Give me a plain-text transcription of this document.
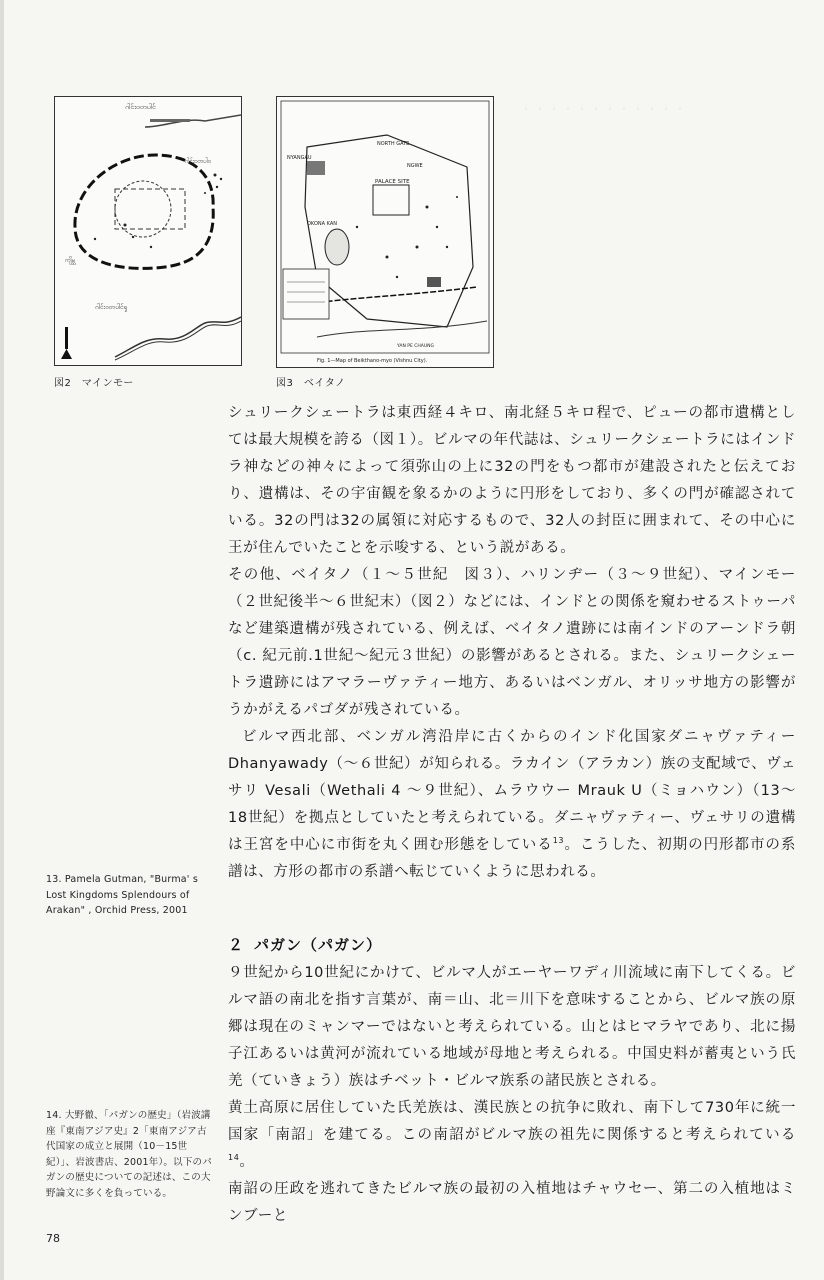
・・・・・・・・・・・・
ဂါင်းဝတပါင်
ဂါင်းဝတပါဝ
ကျိမ္ဘ
ဂါင်းဝတပါင်ရှ
図2　マインモー
PALACE SITE
NORTH GATE
NGWE
NYANGAU
OKONA KAN
YAN PE CHAUNG
Fig. 1—Map of Beikthano-myo (Vishnu City).
図3　ベイタノ

シュリークシェートラは東西経４キロ、南北経５キロ程で、ピューの都市遺構としては最大規模を誇る（図１）。ビルマの年代誌は、シュリークシェートラにはインドラ神などの神々によって須弥山の上に32の門をもつ都市が建設されたと伝えており、遺構は、その宇宙観を象るかのように円形をしており、多くの門が確認されている。32の門は32の属領に対応するもので、32人の封臣に囲まれて、その中心に王が住んでいたことを示唆する、という説がある。

その他、ベイタノ（１～５世紀　図３）、ハリンヂー（３～９世紀）、マインモー（２世紀後半～６世紀末）（図２）などには、インドとの関係を窺わせるストゥーパなど建築遺構が残されている、例えば、ベイタノ遺跡には南インドのアーンドラ朝（c. 紀元前.1世紀～紀元３世紀）の影響があるとされる。また、シュリークシェートラ遺跡にはアマラーヴァティー地方、あるいはベンガル、オリッサ地方の影響がうかがえるパゴダが残されている。

ビルマ西北部、ベンガル湾沿岸に古くからのインド化国家ダニャヴァティー Dhanyawady（～６世紀）が知られる。ラカイン（アラカン）族の支配域で、ヴェサリ Vesali（Wethali 4 ～９世紀）、ムラウウー Mrauk U（ミョハウン）（13～18世紀）を拠点としていたと考えられている。ダニャヴァティー、ヴェサリの遺構は王宮を中心に市街を丸く囲む形態をしている$^{13}$。こうした、初期の円形都市の系譜は、方形の都市の系譜へ転じていくように思われる。

２ パガン（パガン）

９世紀から10世紀にかけて、ビルマ人がエーヤーワディ川流域に南下してくる。ビルマ語の南北を指す言葉が、南＝山、北＝川下を意味することから、ビルマ族の原郷は現在のミャンマーではないと考えられている。山とはヒマラヤであり、北に揚子江あるいは黄河が流れている地域が母地と考えられる。中国史料が蓄夷という氏羌（ていきょう）族はチベット・ビルマ族系の諸民族とされる。

黄土高原に居住していた氏羌族は、漢民族との抗争に敗れ、南下して730年に統一国家「南詔」を建てる。この南詔がビルマ族の祖先に関係すると考えられている$^{14}$。

南詔の圧政を逃れてきたビルマ族の最初の入植地はチャウセー、第二の入植地はミンブーと

13. Pamela Gutman, "Burma' s Lost Kingdoms Splendours of Arakan" , Orchid Press, 2001
14. 大野徹、「パガンの歴史」（岩波講座『東南アジア史』2「東南アジア古代国家の成立と展開（10－15世紀）」、岩波書店、2001年）。以下のパガンの歴史についての記述は、この大野論文に多くを負っている。
78
